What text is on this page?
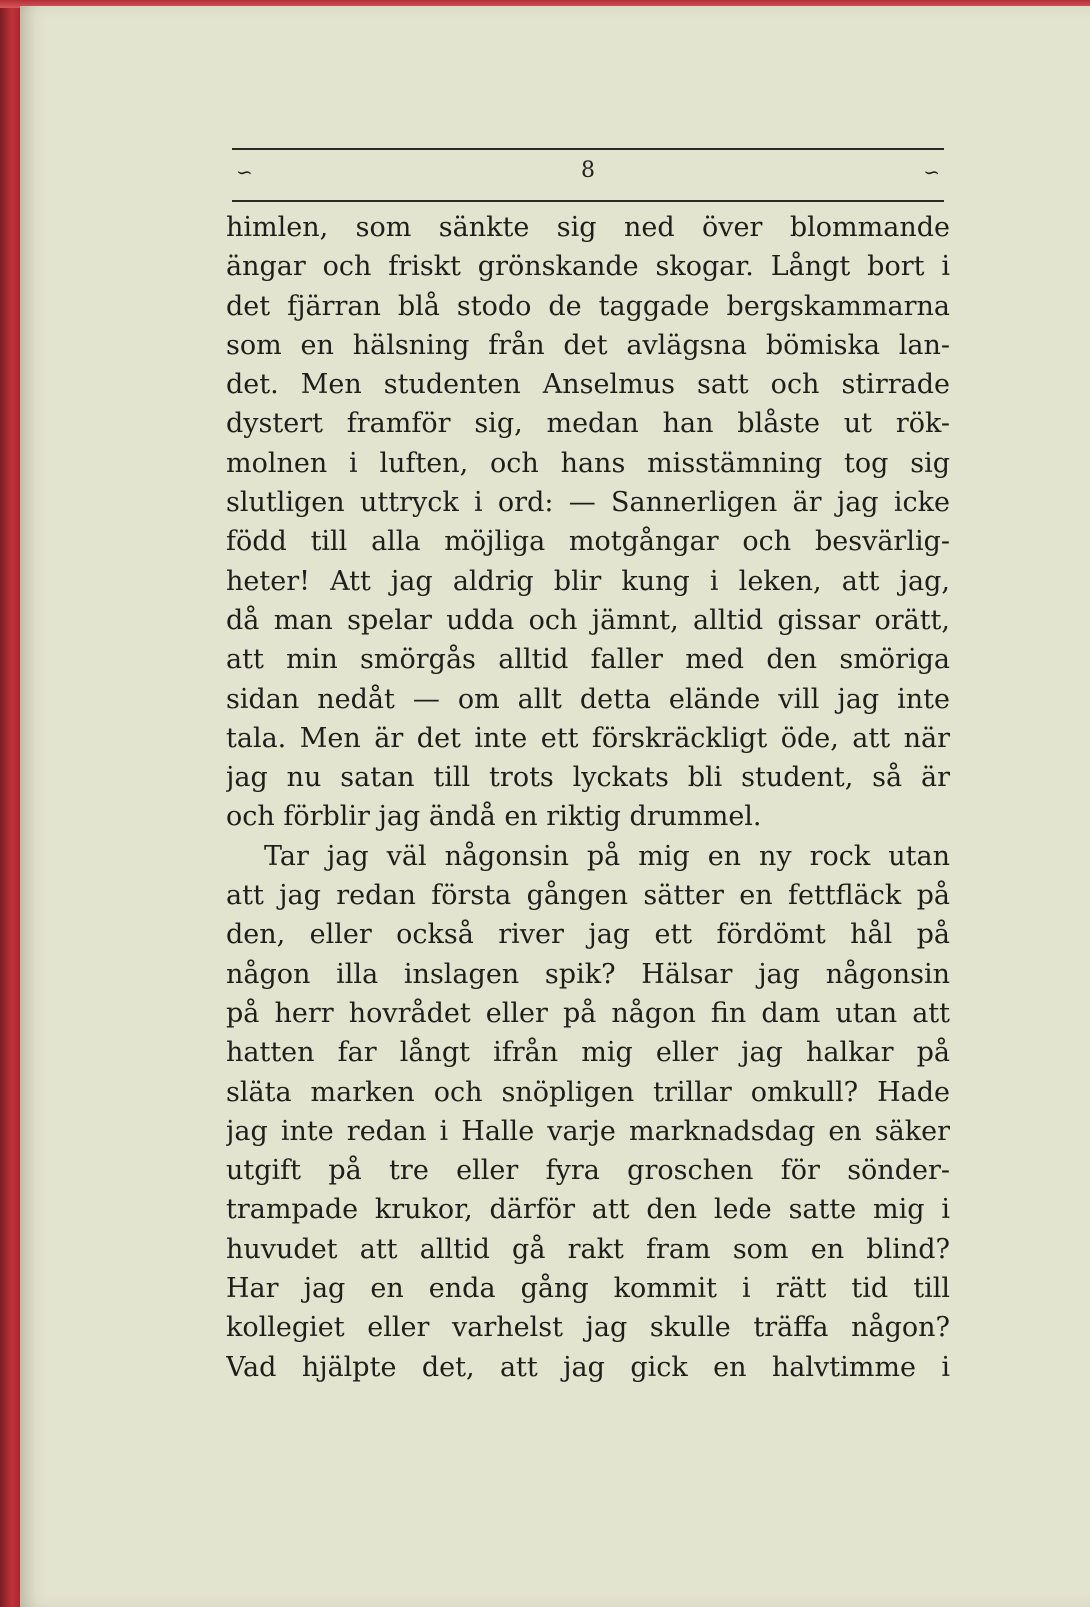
∽	8	∽
himlen, som sänkte sig ned över blommande
ängar och friskt grönskande skogar. Långt bort i
det fjärran blå stodo de taggade bergskammarna
som en hälsning från det avlägsna bömiska lan-
det. Men studenten Anselmus satt och stirrade
dystert framför sig, medan han blåste ut rök-
molnen i luften, och hans misstämning tog sig
slutligen uttryck i ord: — Sannerligen är jag icke
född till alla möjliga motgångar och besvärlig-
heter! Att jag aldrig blir kung i leken, att jag,
då man spelar udda och jämnt, alltid gissar orätt,
att min smörgås alltid faller med den smöriga
sidan nedåt — om allt detta elände vill jag inte
tala. Men är det inte ett förskräckligt öde, att när
jag nu satan till trots lyckats bli student, så är
och förblir jag ändå en riktig drummel.
Tar jag väl någonsin på mig en ny rock utan
att jag redan första gången sätter en fettfläck på
den, eller också river jag ett fördömt hål på
någon illa inslagen spik? Hälsar jag någonsin
på herr hovrådet eller på någon fin dam utan att
hatten far långt ifrån mig eller jag halkar på
släta marken och snöpligen trillar omkull? Hade
jag inte redan i Halle varje marknadsdag en säker
utgift på tre eller fyra groschen för sönder-
trampade krukor, därför att den lede satte mig i
huvudet att alltid gå rakt fram som en blind?
Har jag en enda gång kommit i rätt tid till
kollegiet eller varhelst jag skulle träffa någon?
Vad hjälpte det, att jag gick en halvtimme i
